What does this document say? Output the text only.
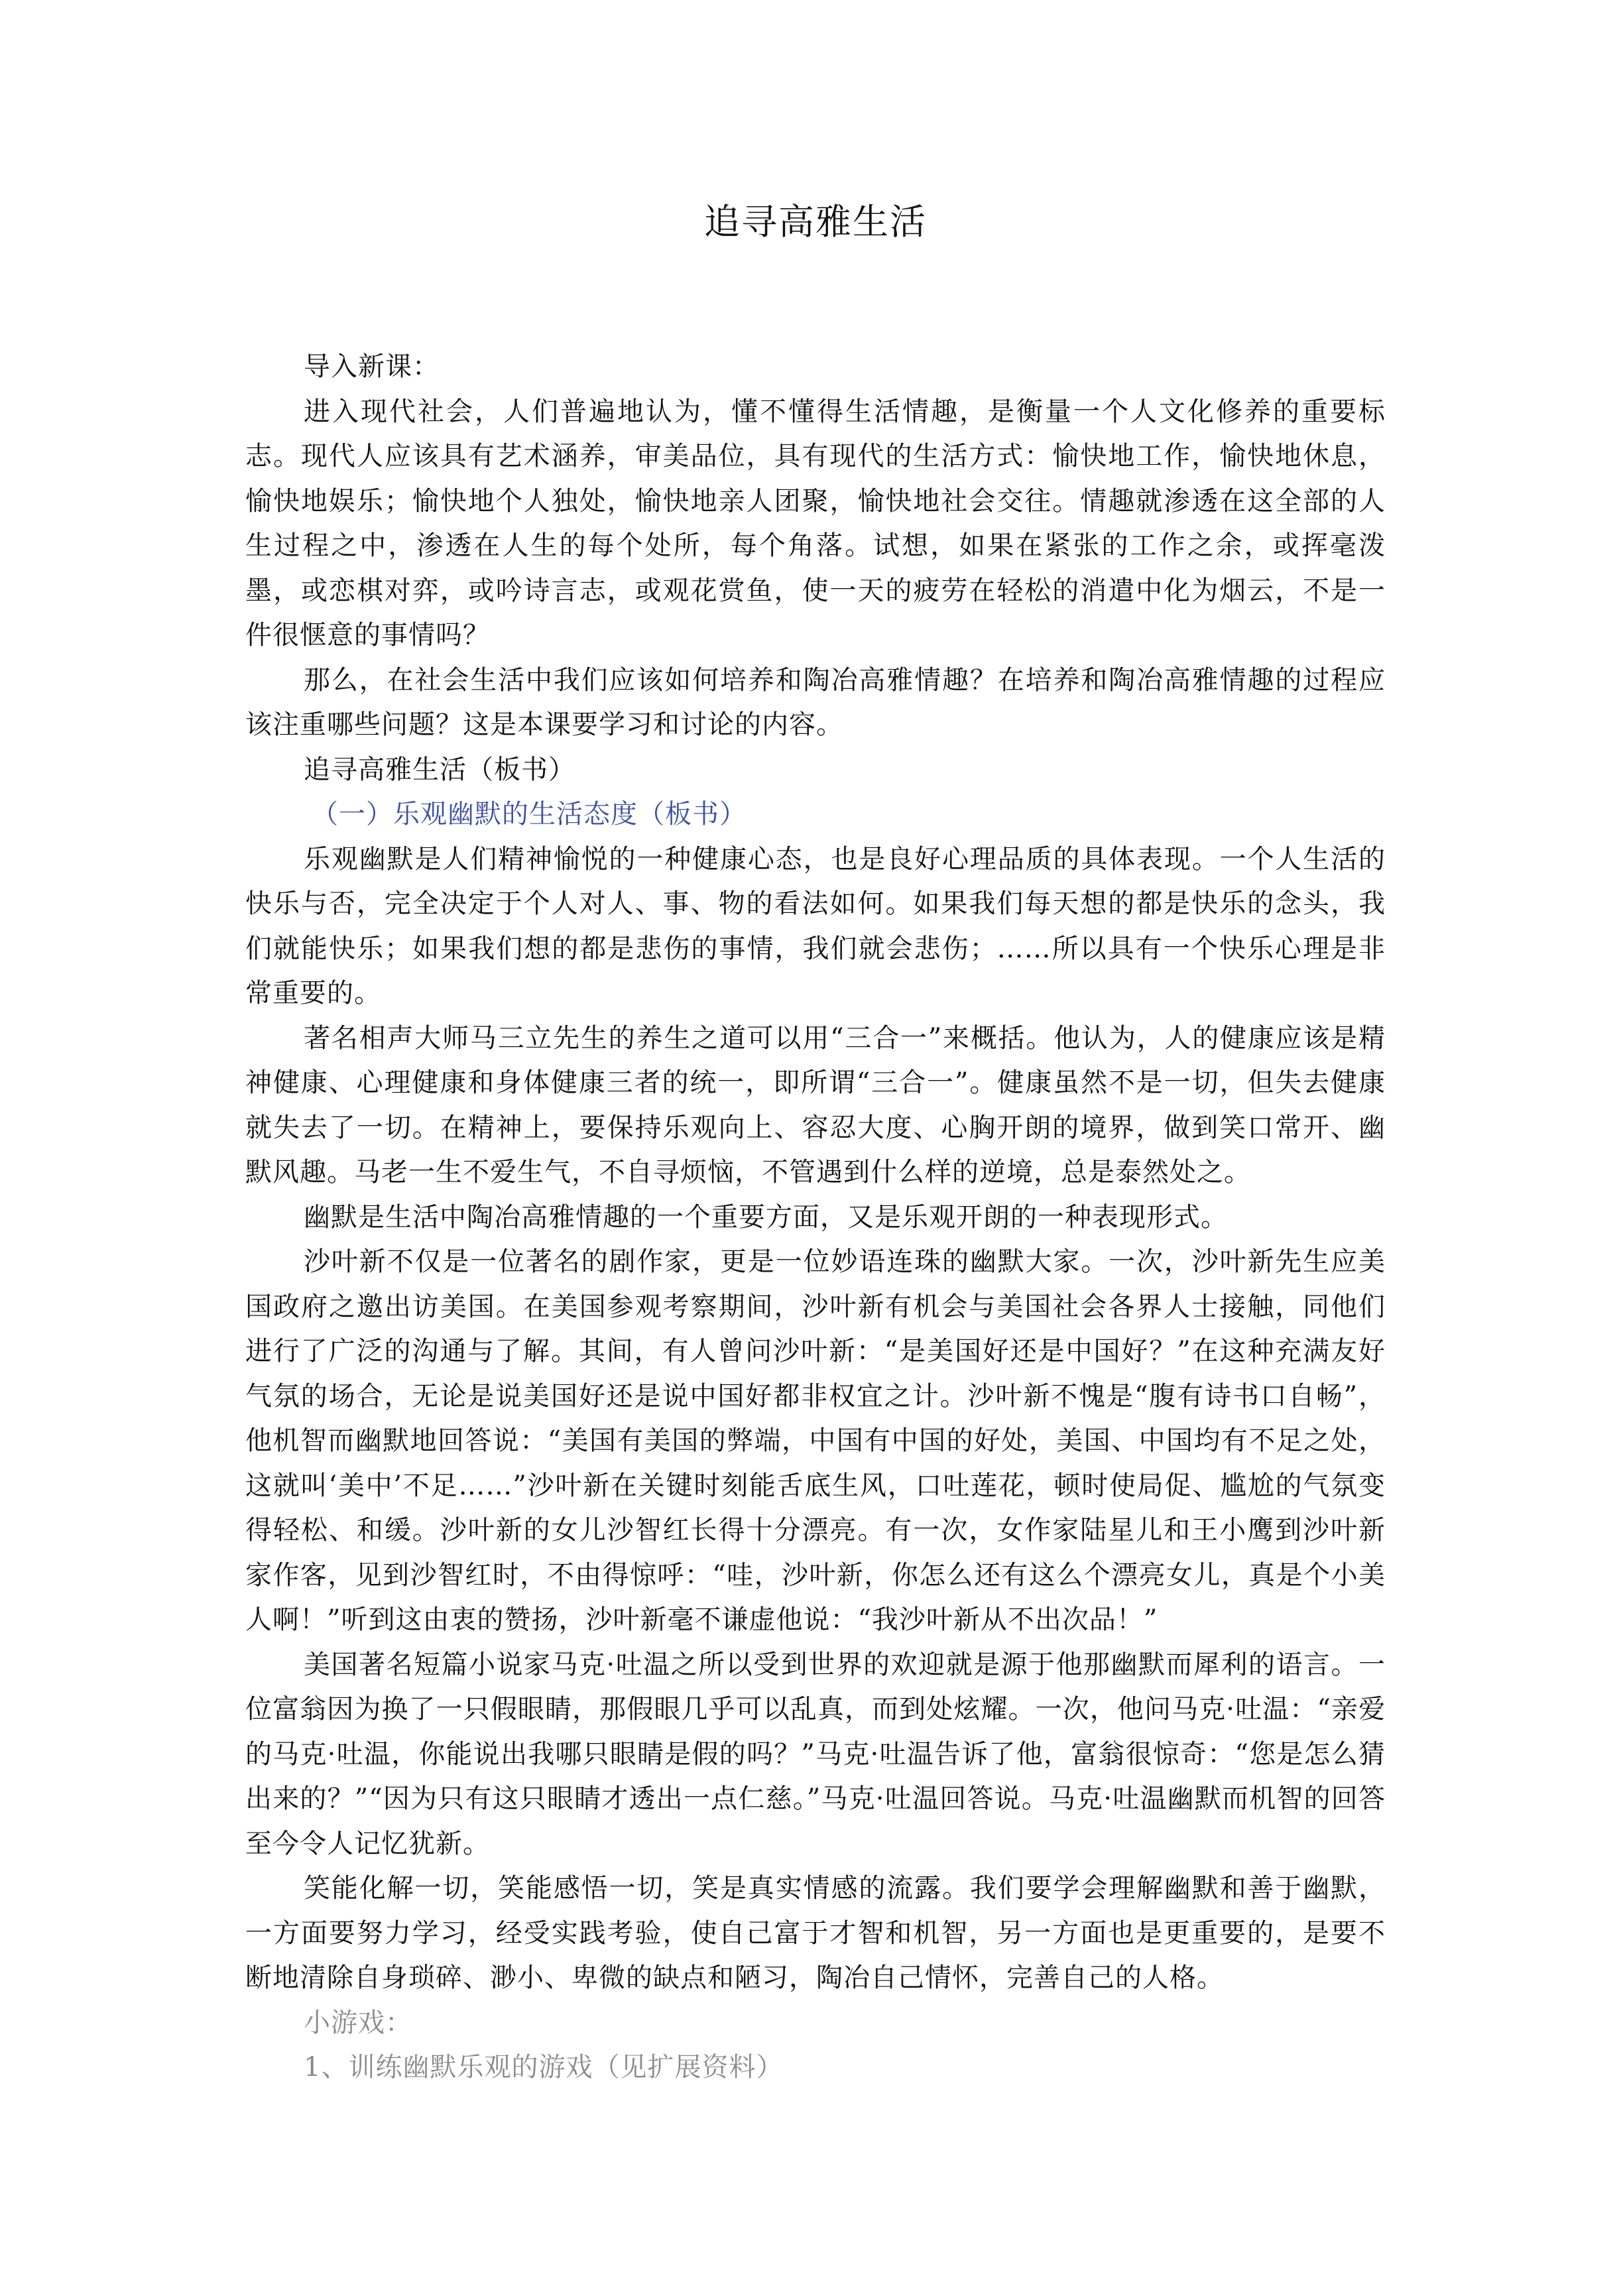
追寻高雅生活

导入新课：

进入现代社会，人们普遍地认为，懂不懂得生活情趣，是衡量一个人文化修养的重要标志。现代人应该具有艺术涵养，审美品位，具有现代的生活方式：愉快地工作，愉快地休息，愉快地娱乐；愉快地个人独处，愉快地亲人团聚，愉快地社会交往。情趣就渗透在这全部的人生过程之中，渗透在人生的每个处所，每个角落。试想，如果在紧张的工作之余，或挥毫泼墨，或恋棋对弈，或吟诗言志，或观花赏鱼，使一天的疲劳在轻松的消遣中化为烟云，不是一件很惬意的事情吗？

那么，在社会生活中我们应该如何培养和陶冶高雅情趣？在培养和陶冶高雅情趣的过程应该注重哪些问题？这是本课要学习和讨论的内容。

追寻高雅生活（板书）

（一）乐观幽默的生活态度（板书）

乐观幽默是人们精神愉悦的一种健康心态，也是良好心理品质的具体表现。一个人生活的快乐与否，完全决定于个人对人、事、物的看法如何。如果我们每天想的都是快乐的念头，我们就能快乐；如果我们想的都是悲伤的事情，我们就会悲伤；……所以具有一个快乐心理是非常重要的。

著名相声大师马三立先生的养生之道可以用“三合一”来概括。他认为，人的健康应该是精神健康、心理健康和身体健康三者的统一，即所谓“三合一”。健康虽然不是一切，但失去健康就失去了一切。在精神上，要保持乐观向上、容忍大度、心胸开朗的境界，做到笑口常开、幽默风趣。马老一生不爱生气，不自寻烦恼，不管遇到什么样的逆境，总是泰然处之。

幽默是生活中陶冶高雅情趣的一个重要方面，又是乐观开朗的一种表现形式。

沙叶新不仅是一位著名的剧作家，更是一位妙语连珠的幽默大家。一次，沙叶新先生应美国政府之邀出访美国。在美国参观考察期间，沙叶新有机会与美国社会各界人士接触，同他们进行了广泛的沟通与了解。其间，有人曾问沙叶新：“是美国好还是中国好？”在这种充满友好气氛的场合，无论是说美国好还是说中国好都非权宜之计。沙叶新不愧是“腹有诗书口自畅”，他机智而幽默地回答说：“美国有美国的弊端，中国有中国的好处，美国、中国均有不足之处，这就叫‘美中’不足……”沙叶新在关键时刻能舌底生风，口吐莲花，顿时使局促、尴尬的气氛变得轻松、和缓。沙叶新的女儿沙智红长得十分漂亮。有一次，女作家陆星儿和王小鹰到沙叶新家作客，见到沙智红时，不由得惊呼：“哇，沙叶新，你怎么还有这么个漂亮女儿，真是个小美人啊！”听到这由衷的赞扬，沙叶新毫不谦虚他说：“我沙叶新从不出次品！”

美国著名短篇小说家马克·吐温之所以受到世界的欢迎就是源于他那幽默而犀利的语言。一位富翁因为换了一只假眼睛，那假眼几乎可以乱真，而到处炫耀。一次，他问马克·吐温：“亲爱的马克·吐温，你能说出我哪只眼睛是假的吗？”马克·吐温告诉了他，富翁很惊奇：“您是怎么猜出来的？”“因为只有这只眼睛才透出一点仁慈。”马克·吐温回答说。马克·吐温幽默而机智的回答至今令人记忆犹新。

笑能化解一切，笑能感悟一切，笑是真实情感的流露。我们要学会理解幽默和善于幽默，一方面要努力学习，经受实践考验，使自己富于才智和机智，另一方面也是更重要的，是要不断地清除自身琐碎、渺小、卑微的缺点和陋习，陶冶自己情怀，完善自己的人格。

小游戏：

1、训练幽默乐观的游戏（见扩展资料）
